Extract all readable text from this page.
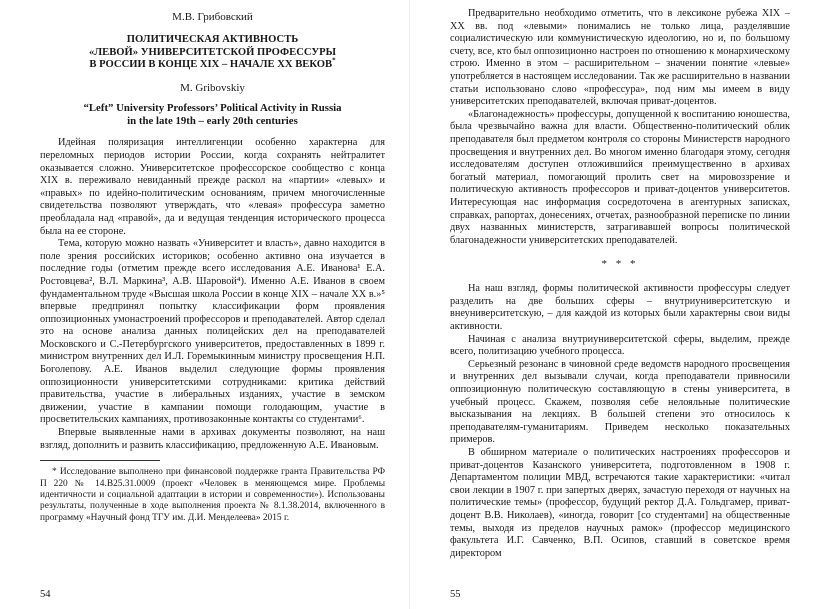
М.В. Грибовский
ПОЛИТИЧЕСКАЯ АКТИВНОСТЬ
«ЛЕВОЙ» УНИВЕРСИТЕТСКОЙ ПРОФЕССУРЫ
В РОССИИ В КОНЦЕ XIX – НАЧАЛЕ XX ВЕКОВ*
M. Gribovskiy
“Left” University Professors’ Political Activity in Russia
in the late 19th – early 20th centuries

Идейная поляризация интеллигенции особенно характерна для переломных периодов истории России, когда сохранять нейтралитет оказывается сложно. Университетское профессорское сообщество с конца XIX в. переживало невиданный прежде раскол на «партии» «левых» и «правых» по идейно-политическим основаниям, причем многочисленные свидетельства позволяют утверждать, что «левая» профессура заметно преобладала над «правой», да и ведущая тенденция исторического процесса была на ее стороне.

Тема, которую можно назвать «Университет и власть», давно находится в поле зрения российских историков; особенно активно она изучается в последние годы (отметим прежде всего исследования А.Е. Иванова¹ Е.А. Ростовцева², В.Л. Маркина³, А.В. Шаровой⁴). Именно А.Е. Иванов в своем фундаментальном труде «Высшая школа России в конце XIX – начале XX в.»⁵ впервые предпринял попытку классификации форм проявления оппозиционных умонастроений профессоров и преподавателей. Автор сделал это на основе анализа данных полицейских дел на преподавателей Московского и С.-Петербургского университетов, предоставленных в 1899 г. министром внутренних дел И.Л. Горемыкинным министру просвещения Н.П. Боголепову. А.Е. Иванов выделил следующие формы проявления оппозиционности университетскими сотрудниками: критика действий правительства, участие в либеральных изданиях, участие в земском движении, участие в кампании помощи голодающим, участие в просветительских кампаниях, противозаконные контакты со студентами⁶.

Впервые выявленные нами в архивах документы позволяют, на наш взгляд, дополнить и развить классификацию, предложенную А.Е. Ивановым.

* Исследование выполнено при финансовой поддержке гранта Правительства РФ П 220 № 14.B25.31.0009 (проект «Человек в меняющемся мире. Проблемы идентичности и социальной адаптации в истории и современности»). Использованы результаты, полученные в ходе выполнения проекта № 8.1.38.2014, включенного в программу «Научный фонд ТГУ им. Д.И. Менделеева» 2015 г.
54

Предварительно необходимо отметить, что в лексиконе рубежа XIX – XX вв. под «левыми» понимались не только лица, разделявшие социалистическую или коммунистическую идеологию, но и, по большому счету, все, кто был оппозиционно настроен по отношению к монархическому строю. Именно в этом – расширительном – значении понятие «левые» употребляется в настоящем исследовании. Так же расширительно в названии статьи использовано слово «профессура», под ним мы имеем в виду университетских преподавателей, включая приват-доцентов.

«Благонадежность» профессуры, допущенной к воспитанию юношества, была чрезвычайно важна для власти. Общественно-политический облик преподавателя был предметом контроля со стороны Министерств народного просвещения и внутренних дел. Во многом именно благодаря этому, сегодня исследователям доступен отложившийся преимущественно в архивах богатый материал, помогающий пролить свет на мировоззрение и политическую активность профессоров и приват-доцентов университетов. Интересующая нас информация сосредоточена в агентурных записках, справках, рапортах, донесениях, отчетах, разнообразной переписке по линии двух названных министерств, затрагивавшей вопросы политической благонадежности университетских преподавателей.

* * *

На наш взгляд, формы политической активности профессуры следует разделить на две больших сферы – внутриуниверситетскую и внеуниверситетскую, – для каждой из которых были характерны свои виды активности.

Начиная с анализа внутриуниверситетской сферы, выделим, прежде всего, политизацию учебного процесса.

Серьезный резонанс в чиновной среде ведомств народного просвещения и внутренних дел вызывали случаи, когда преподаватели привносили оппозиционную политическую составляющую в стены университета, в учебный процесс. Скажем, позволяя себе нелояльные политические высказывания на лекциях. В большей степени это относилось к преподавателям-гуманитариям. Приведем несколько показательных примеров.

В обширном материале о политических настроениях профессоров и приват-доцентов Казанского университета, подготовленном в 1908 г. Департаментом полиции МВД, встречаются такие характеристики: «читал свои лекции в 1907 г. при запертых дверях, зачастую переходя от научных на политические темы» (профессор, будущий ректор Д.А. Гольдгамер, приват-доцент В.В. Николаев), «иногда, говорит [со студентами] на общественные темы, выходя из пределов научных рамок» (профессор медицинского факультета И.Г. Савченко, В.П. Осипов, ставший в советское время директором

55
